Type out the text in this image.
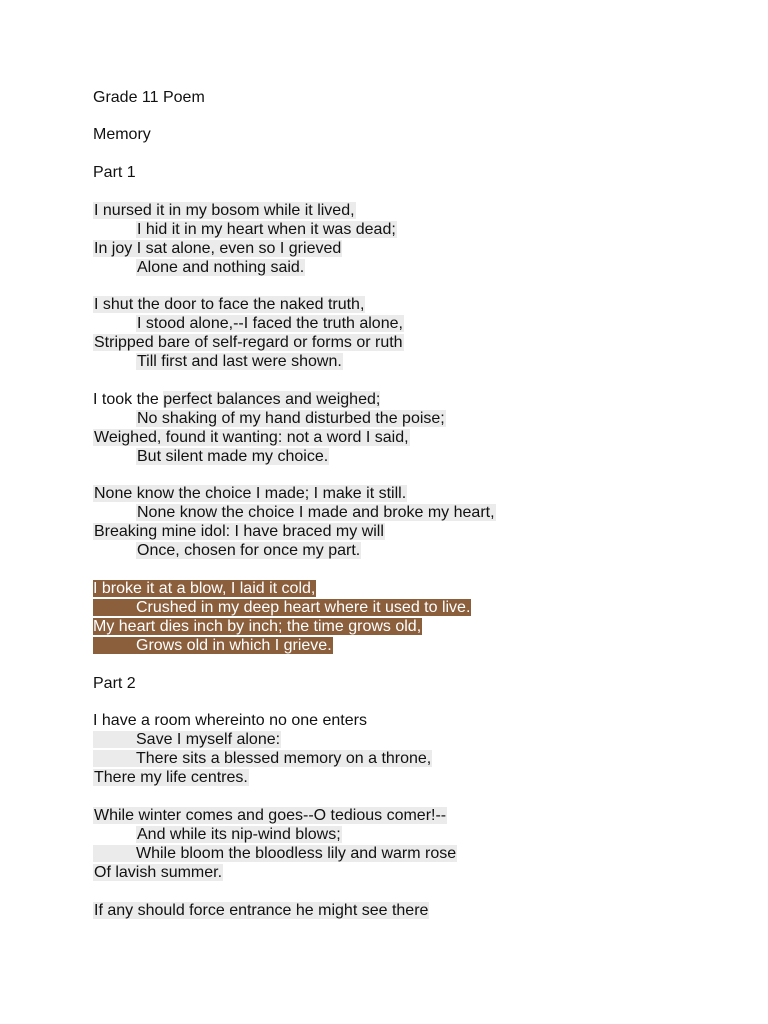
Grade 11 Poem
Memory
Part 1
I nursed it in my bosom while it lived,
I hid it in my heart when it was dead;
In joy I sat alone, even so I grieved
Alone and nothing said.
I shut the door to face the naked truth,
I stood alone,--I faced the truth alone,
Stripped bare of self-regard or forms or ruth
Till first and last were shown.
I took the perfect balances and weighed;
No shaking of my hand disturbed the poise;
Weighed, found it wanting: not a word I said,
But silent made my choice.
None know the choice I made; I make it still.
None know the choice I made and broke my heart,
Breaking mine idol: I have braced my will
Once, chosen for once my part.
I broke it at a blow, I laid it cold,
Crushed in my deep heart where it used to live.
My heart dies inch by inch; the time grows old,
Grows old in which I grieve.
Part 2
I have a room whereinto no one enters
Save I myself alone:
There sits a blessed memory on a throne,
There my life centres.
While winter comes and goes--O tedious comer!--
And while its nip-wind blows;
While bloom the bloodless lily and warm rose
Of lavish summer.
If any should force entrance he might see there
